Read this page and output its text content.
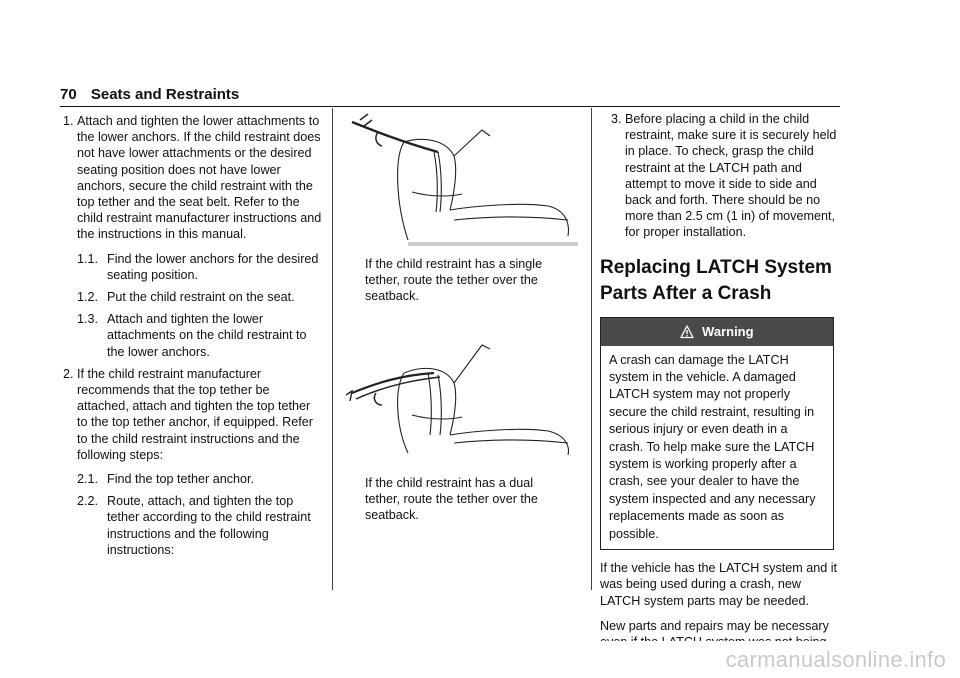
70 Seats and Restraints
1. Attach and tighten the lower attachments to the lower anchors. If the child restraint does not have lower attachments or the desired seating position does not have lower anchors, secure the child restraint with the top tether and the seat belt. Refer to the child restraint manufacturer instructions and the instructions in this manual.
1.1. Find the lower anchors for the desired seating position.
1.2. Put the child restraint on the seat.
1.3. Attach and tighten the lower attachments on the child restraint to the lower anchors.
2. If the child restraint manufacturer recommends that the top tether be attached, attach and tighten the top tether to the top tether anchor, if equipped. Refer to the child restraint instructions and the following steps:
2.1. Find the top tether anchor.
2.2. Route, attach, and tighten the top tether according to the child restraint instructions and the following instructions:

If the child restraint has a single tether, route the tether over the seatback.

If the child restraint has a dual tether, route the tether over the seatback.

3. Before placing a child in the child restraint, make sure it is securely held in place. To check, grasp the child restraint at the LATCH path and attempt to move it side to side and back and forth. There should be no more than 2.5 cm (1 in) of movement, for proper installation.
Replacing LATCH System Parts After a Crash
Warning
A crash can damage the LATCH system in the vehicle. A damaged LATCH system may not properly secure the child restraint, resulting in serious injury or even death in a crash. To help make sure the LATCH system is working properly after a crash, see your dealer to have the system inspected and any necessary replacements made as soon as possible.

If the vehicle has the LATCH system and it was being used during a crash, new LATCH system parts may be needed.

New parts and repairs may be necessary

carmanualsonline.info
